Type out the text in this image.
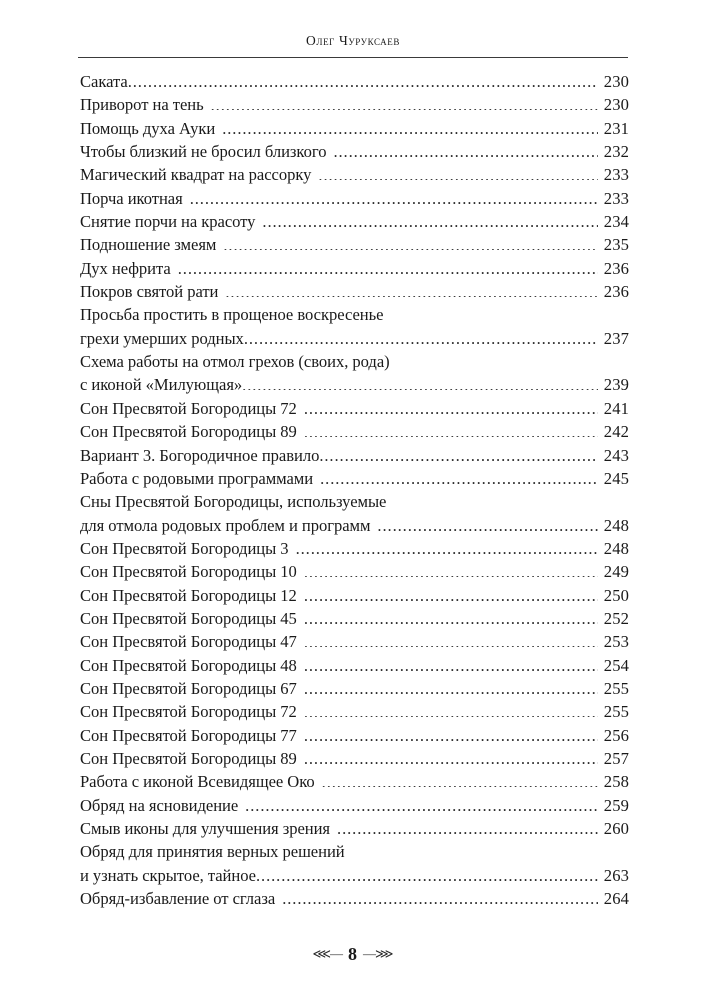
Олег Чуруксаев
Саката .....	230
Приворот на тень .....	230
Помощь духа Ауки .....	231
Чтобы близкий не бросил близкого .....	232
Магический квадрат на рассорку .....	233
Порча икотная .....	233
Снятие порчи на красоту .....	234
Подношение змеям .....	235
Дух нефрита .....	236
Покров святой рати .....	236
Просьба простить в прощеное воскресенье
грехи умерших родных .....	237
Схема работы на отмол грехов (своих, рода)
с иконой «Милующая» .....	239
Сон Пресвятой Богородицы 72 .....	241
Сон Пресвятой Богородицы 89 .....	242
Вариант 3. Богородичное правило .....	243
Работа с родовыми программами .....	245
Сны Пресвятой Богородицы, используемые
для отмола родовых проблем и программ .....	248
Сон Пресвятой Богородицы 3 .....	248
Сон Пресвятой Богородицы 10 .....	249
Сон Пресвятой Богородицы 12 .....	250
Сон Пресвятой Богородицы 45 .....	252
Сон Пресвятой Богородицы 47 .....	253
Сон Пресвятой Богородицы 48 .....	254
Сон Пресвятой Богородицы 67 .....	255
Сон Пресвятой Богородицы 72 .....	255
Сон Пресвятой Богородицы 77 .....	256
Сон Пресвятой Богородицы 89 .....	257
Работа с иконой Всевидящее Око .....	258
Обряд на ясновидение .....	259
Смыв иконы для улучшения зрения .....	260
Обряд для принятия верных решений
и узнать скрытое, тайное .....	263
Обряд-избавление от сглаза .....	264
⋘— 8 —⋙
